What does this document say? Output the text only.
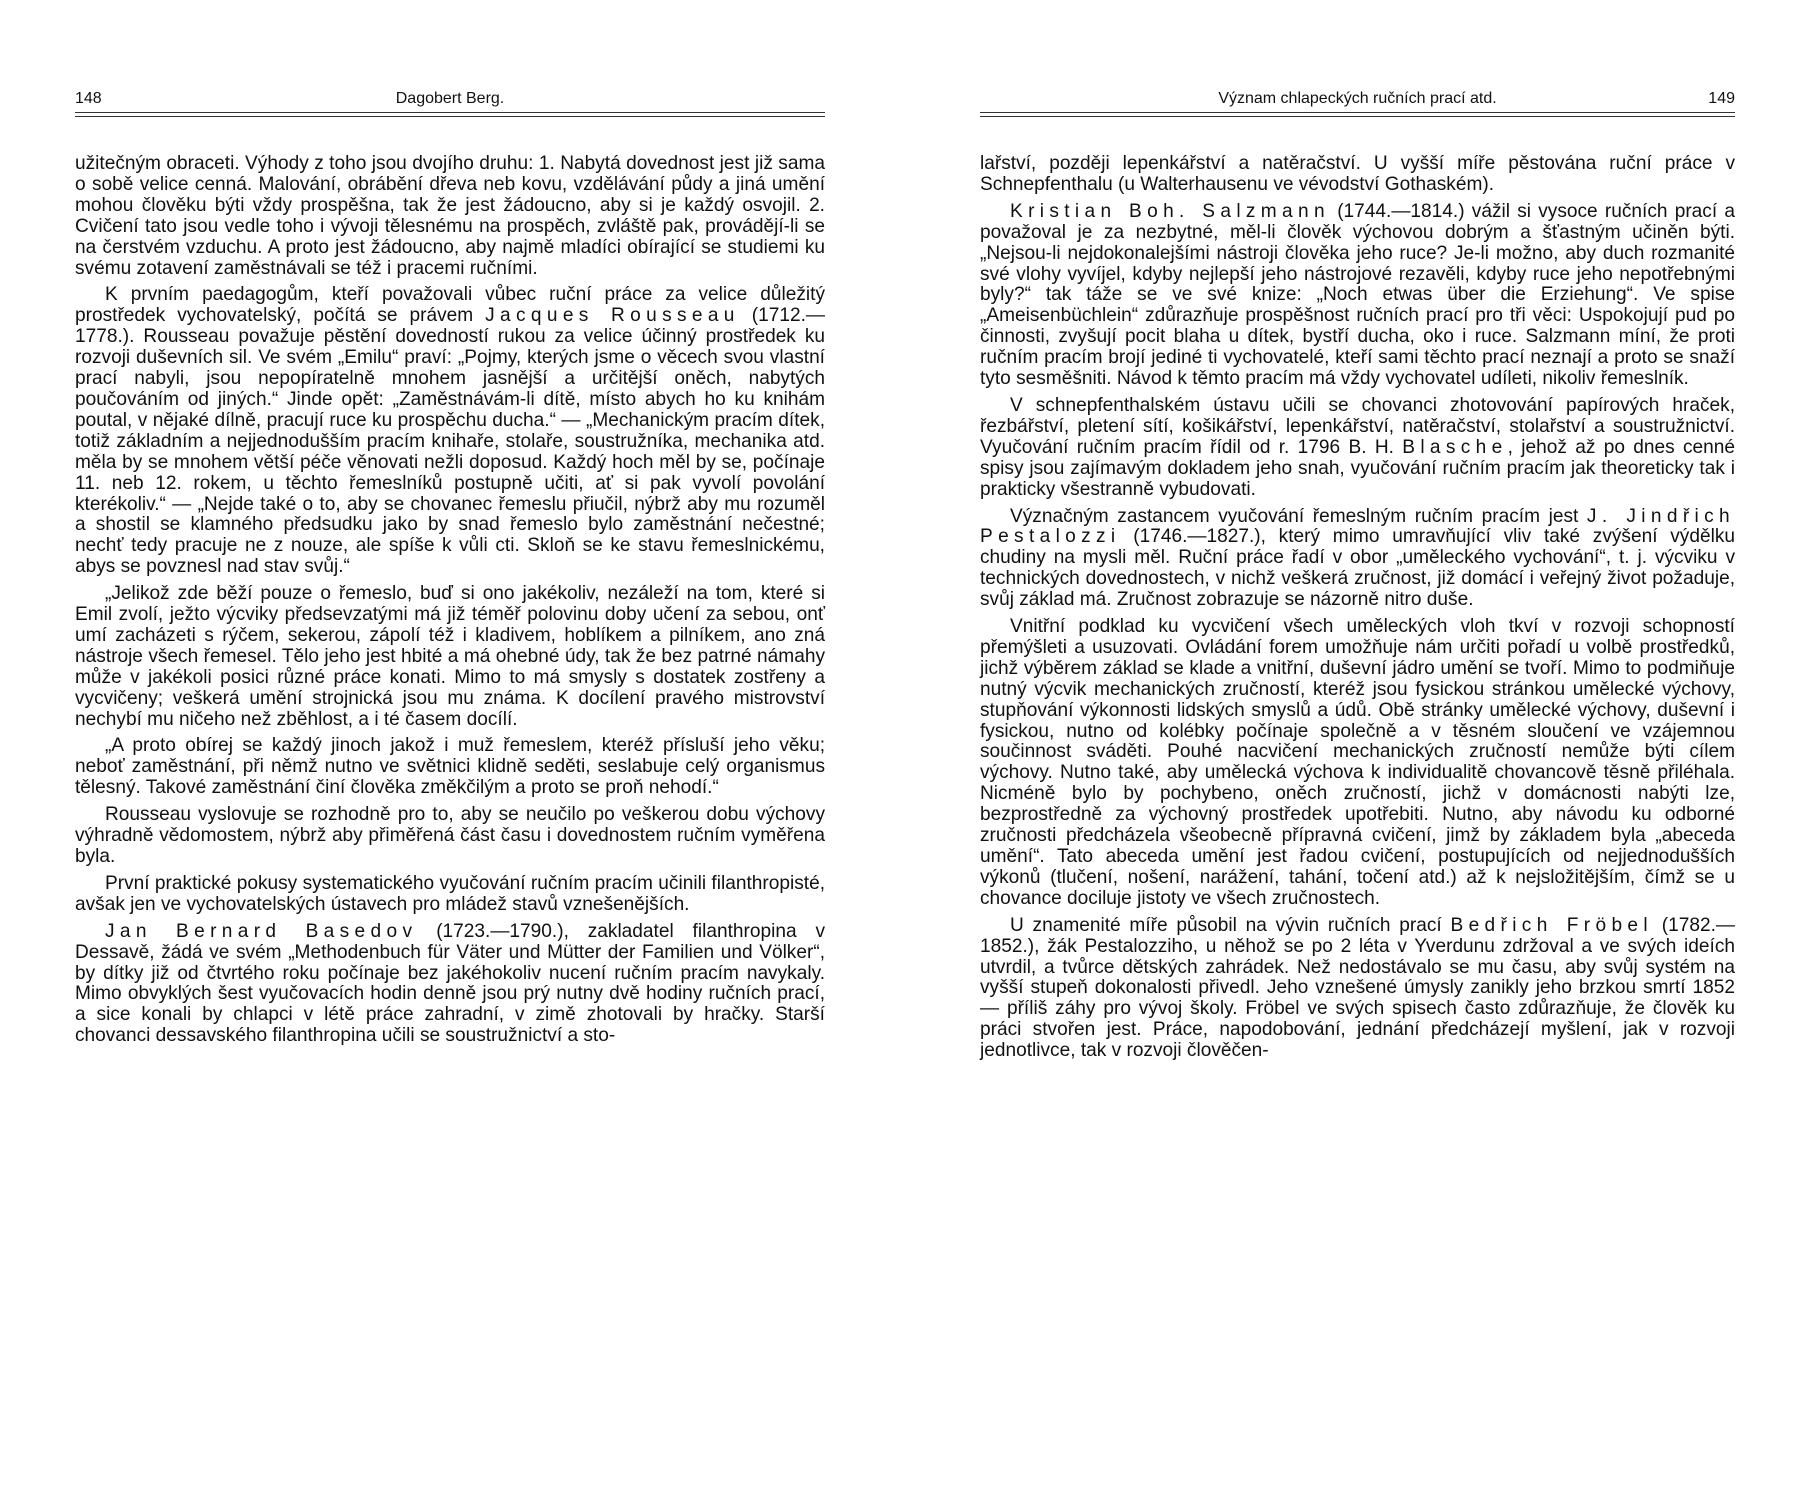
148	Dagobert Berg.

užitečným obraceti. Výhody z toho jsou dvojího druhu: 1. Nabytá dovednost jest již sama o sobě velice cenná. Malování, obrábění dřeva neb kovu, vzdělávání půdy a jiná umění mohou člověku býti vždy prospěšna, tak že jest žádoucno, aby si je každý osvojil. 2. Cvičení tato jsou vedle toho i vývoji tělesnému na prospěch, zvláště pak, provádějí-li se na čerstvém vzduchu. A proto jest žádoucno, aby najmě mladíci obírající se studiemi ku svému zotavení zaměstnávali se též i pracemi ručními.

K prvním paedagogům, kteří považovali vůbec ruční práce za velice důležitý prostředek vychovatelský, počítá se právem Jacques Rousseau (1712.—1778.). Rousseau považuje pěstění dovedností rukou za velice účinný prostředek ku rozvoji duševních sil. Ve svém „Emilu“ praví: „Pojmy, kterých jsme o věcech svou vlastní prací nabyli, jsou nepopíratelně mnohem jasnější a určitější oněch, nabytých poučováním od jiných.“ Jinde opět: „Zaměstnávám-li dítě, místo abych ho ku knihám poutal, v nějaké dílně, pracují ruce ku prospěchu ducha.“ — „Mechanickým pracím dítek, totiž základním a nejjednodušším pracím knihaře, stolaře, soustružníka, mechanika atd. měla by se mnohem větší péče věnovati nežli doposud. Každý hoch měl by se, počínaje 11. neb 12. rokem, u těchto řemeslníků postupně učiti, ať si pak vyvolí povolání kterékoliv.“ — „Nejde také o to, aby se chovanec řemeslu přiučil, nýbrž aby mu rozuměl a shostil se klamného předsudku jako by snad řemeslo bylo zaměstnání nečestné; nechť tedy pracuje ne z nouze, ale spíše k vůli cti. Skloň se ke stavu řemeslnickému, abys se povznesl nad stav svůj.“

„Jelikož zde běží pouze o řemeslo, buď si ono jakékoliv, nezáleží na tom, které si Emil zvolí, ježto výcviky předsevzatými má již téměř polovinu doby učení za sebou, onť umí zacházeti s rýčem, sekerou, zápolí též i kladivem, hoblíkem a pilníkem, ano zná nástroje všech řemesel. Tělo jeho jest hbité a má ohebné údy, tak že bez patrné námahy může v jakékoli posici různé práce konati. Mimo to má smysly s dostatek zostřeny a vycvičeny; veškerá umění strojnická jsou mu známa. K docílení pravého mistrovství nechybí mu ničeho než zběhlost, a i té časem docílí.

„A proto obírej se každý jinoch jakož i muž řemeslem, kteréž přísluší jeho věku; neboť zaměstnání, při němž nutno ve světnici klidně seděti, seslabuje celý organismus tělesný. Takové zaměstnání činí člověka změkčilým a proto se proň nehodí.“

Rousseau vyslovuje se rozhodně pro to, aby se neučilo po veškerou dobu výchovy výhradně vědomostem, nýbrž aby přiměřená část času i dovednostem ručním vyměřena byla.

První praktické pokusy systematického vyučování ručním pracím učinili filanthropisté, avšak jen ve vychovatelských ústavech pro mládež stavů vznešenějších.

Jan Bernard Basedov (1723.—1790.), zakladatel filanthropina v Dessavě, žádá ve svém „Methodenbuch für Väter und Mütter der Familien und Völker“, by dítky již od čtvrtého roku počínaje bez jakéhokoliv nucení ručním pracím navykaly. Mimo obvyklých šest vyučovacích hodin denně jsou prý nutny dvě hodiny ručních prací, a sice konali by chlapci v létě práce zahradní, v zimě zhotovali by hračky. Starší chovanci dessavského filanthropina učili se soustružnictví a sto-

Význam chlapeckých ručních prací atd.	149

lařství, později lepenkářství a natěračství. U vyšší míře pěstována ruční práce v Schnepfenthalu (u Walterhausenu ve vévodství Gothaském).

Kristian Boh. Salzmann (1744.—1814.) vážil si vysoce ručních prací a považoval je za nezbytné, měl-li člověk výchovou dobrým a šťastným učiněn býti. „Nejsou-li nejdokonalejšími nástroji člověka jeho ruce? Je-li možno, aby duch rozmanité své vlohy vyvíjel, kdyby nejlepší jeho nástrojové rezavěli, kdyby ruce jeho nepotřebnými byly?“ tak táže se ve své knize: „Noch etwas über die Erziehung“. Ve spise „Ameisenbüchlein“ zdůrazňuje prospěšnost ručních prací pro tři věci: Uspokojují pud po činnosti, zvyšují pocit blaha u dítek, bystří ducha, oko i ruce. Salzmann míní, že proti ručním pracím brojí jediné ti vychovatelé, kteří sami těchto prací neznají a proto se snaží tyto sesměšniti. Návod k těmto pracím má vždy vychovatel udíleti, nikoliv řemeslník.

V schnepfenthalském ústavu učili se chovanci zhotovování papírových hraček, řezbářství, pletení sítí, košikářství, lepenkářství, natěračství, stolařství a soustružnictví. Vyučování ručním pracím řídil od r. 1796 B. H. Blasche, jehož až po dnes cenné spisy jsou zajímavým dokladem jeho snah, vyučování ručním pracím jak theoreticky tak i prakticky všestranně vybudovati.

Význačným zastancem vyučování řemeslným ručním pracím jest J. Jindřich Pestalozzi (1746.—1827.), který mimo umravňující vliv také zvýšení výdělku chudiny na mysli měl. Ruční práce řadí v obor „uměleckého vychování“, t. j. výcviku v technických dovednostech, v nichž veškerá zručnost, již domácí i veřejný život požaduje, svůj základ má. Zručnost zobrazuje se názorně nitro duše.

Vnitřní podklad ku vycvičení všech uměleckých vloh tkví v rozvoji schopností přemýšleti a usuzovati. Ovládání forem umožňuje nám určiti pořadí u volbě prostředků, jichž výběrem základ se klade a vnitřní, duševní jádro umění se tvoří. Mimo to podmiňuje nutný výcvik mechanických zručností, kteréž jsou fysickou stránkou umělecké výchovy, stupňování výkonnosti lidských smyslů a údů. Obě stránky umělecké výchovy, duševní i fysickou, nutno od kolébky počínaje společně a v těsném sloučení ve vzájemnou součinnost sváděti. Pouhé nacvičení mechanických zručností nemůže býti cílem výchovy. Nutno také, aby umělecká výchova k individualitě chovancově těsně přiléhala. Nicméně bylo by pochybeno, oněch zručností, jichž v domácnosti nabýti lze, bezprostředně za výchovný prostředek upotřebiti. Nutno, aby návodu ku odborné zručnosti předcházela všeobecně přípravná cvičení, jimž by základem byla „abeceda umění“. Tato abeceda umění jest řadou cvičení, postupujících od nejjednodušších výkonů (tlučení, nošení, narážení, tahání, točení atd.) až k nejsložitějším, čímž se u chovance dociluje jistoty ve všech zručnostech.

U znamenité míře působil na vývin ručních prací Bedřich Fröbel (1782.—1852.), žák Pestalozziho, u něhož se po 2 léta v Yverdunu zdržoval a ve svých ideích utvrdil, a tvůrce dětských zahrádek. Než nedostávalo se mu času, aby svůj systém na vyšší stupeň dokonalosti přivedl. Jeho vznešené úmysly zanikly jeho brzkou smrtí 1852 — příliš záhy pro vývoj školy. Fröbel ve svých spisech často zdůrazňuje, že člověk ku práci stvořen jest. Práce, napodobování, jednání předcházejí myšlení, jak v rozvoji jednotlivce, tak v rozvoji člověčen-
